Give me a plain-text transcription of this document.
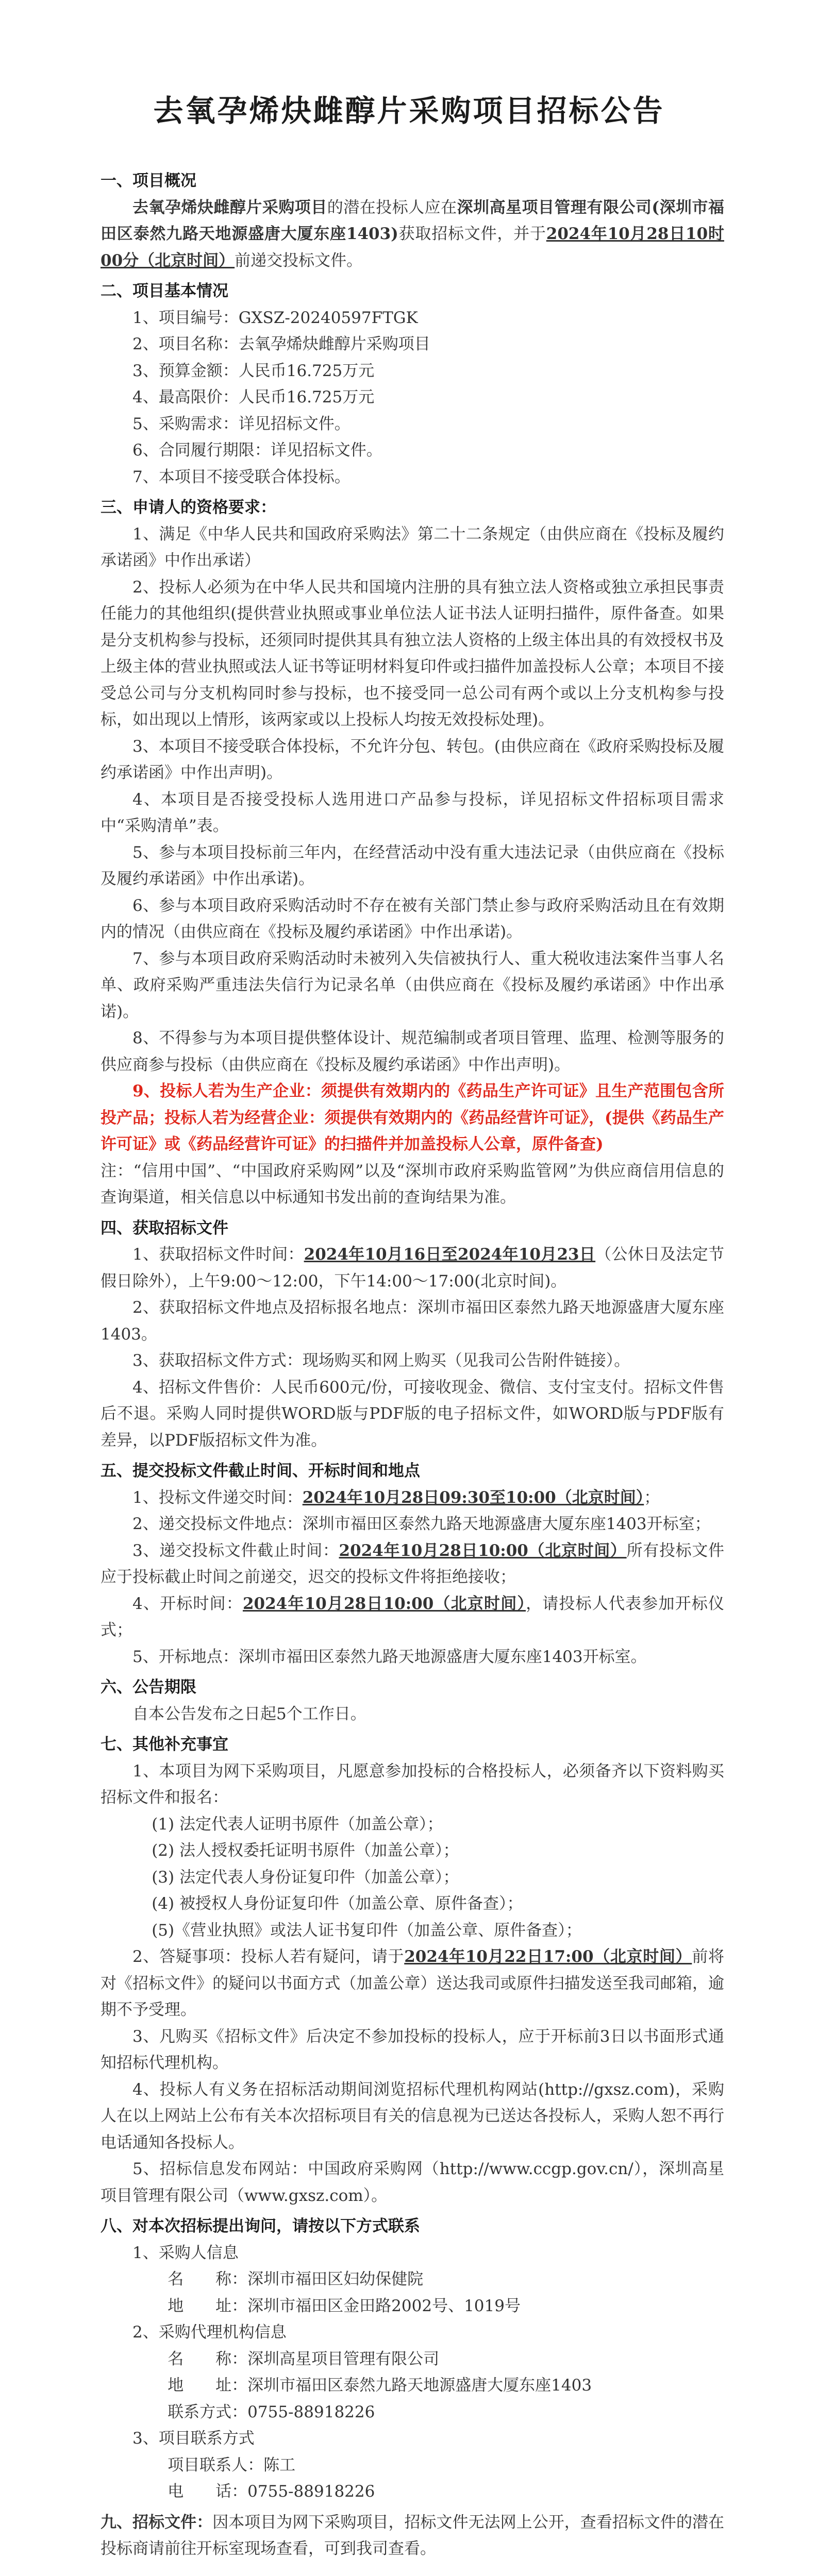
去氧孕烯炔雌醇片采购项目招标公告
一、项目概况
去氧孕烯炔雌醇片采购项目的潜在投标人应在深圳高星项目管理有限公司(深圳市福田区泰然九路天地源盛唐大厦东座1403)获取招标文件，并于2024年10月28日10时00分（北京时间）前递交投标文件。
二、项目基本情况
1、项目编号：GXSZ-20240597FTGK
2、项目名称：去氧孕烯炔雌醇片采购项目
3、预算金额：人民币16.725万元
4、最高限价：人民币16.725万元
5、采购需求：详见招标文件。
6、合同履行期限：详见招标文件。
7、本项目不接受联合体投标。
三、申请人的资格要求：
1、满足《中华人民共和国政府采购法》第二十二条规定（由供应商在《投标及履约承诺函》中作出承诺）
2、投标人必须为在中华人民共和国境内注册的具有独立法人资格或独立承担民事责任能力的其他组织(提供营业执照或事业单位法人证书法人证明扫描件，原件备查。如果是分支机构参与投标，还须同时提供其具有独立法人资格的上级主体出具的有效授权书及上级主体的营业执照或法人证书等证明材料复印件或扫描件加盖投标人公章；本项目不接受总公司与分支机构同时参与投标，也不接受同一总公司有两个或以上分支机构参与投标，如出现以上情形，该两家或以上投标人均按无效投标处理)。
3、本项目不接受联合体投标，不允许分包、转包。(由供应商在《政府采购投标及履约承诺函》中作出声明)。
4、本项目是否接受投标人选用进口产品参与投标，详见招标文件招标项目需求中“采购清单”表。
5、参与本项目投标前三年内，在经营活动中没有重大违法记录（由供应商在《投标及履约承诺函》中作出承诺)。
6、参与本项目政府采购活动时不存在被有关部门禁止参与政府采购活动且在有效期内的情况（由供应商在《投标及履约承诺函》中作出承诺)。
7、参与本项目政府采购活动时未被列入失信被执行人、重大税收违法案件当事人名单、政府采购严重违法失信行为记录名单（由供应商在《投标及履约承诺函》中作出承诺)。
8、不得参与为本项目提供整体设计、规范编制或者项目管理、监理、检测等服务的供应商参与投标（由供应商在《投标及履约承诺函》中作出声明)。
9、投标人若为生产企业：须提供有效期内的《药品生产许可证》且生产范围包含所投产品；投标人若为经营企业：须提供有效期内的《药品经营许可证》，(提供《药品生产许可证》或《药品经营许可证》的扫描件并加盖投标人公章，原件备查)
注：“信用中国”、“中国政府采购网”以及“深圳市政府采购监管网”为供应商信用信息的查询渠道，相关信息以中标通知书发出前的查询结果为准。
四、获取招标文件
1、获取招标文件时间：2024年10月16日至2024年10月23日（公休日及法定节假日除外），上午9:00～12:00，下午14:00～17:00(北京时间)。
2、获取招标文件地点及招标报名地点：深圳市福田区泰然九路天地源盛唐大厦东座1403。
3、获取招标文件方式：现场购买和网上购买（见我司公告附件链接）。
4、招标文件售价：人民币600元/份，可接收现金、微信、支付宝支付。招标文件售后不退。采购人同时提供WORD版与PDF版的电子招标文件，如WORD版与PDF版有差异，以PDF版招标文件为准。
五、提交投标文件截止时间、开标时间和地点
1、投标文件递交时间：2024年10月28日09:30至10:00（北京时间）；
2、递交投标文件地点：深圳市福田区泰然九路天地源盛唐大厦东座1403开标室；
3、递交投标文件截止时间：2024年10月28日10:00（北京时间）所有投标文件应于投标截止时间之前递交，迟交的投标文件将拒绝接收；
4、开标时间：2024年10月28日10:00（北京时间），请投标人代表参加开标仪式；
5、开标地点：深圳市福田区泰然九路天地源盛唐大厦东座1403开标室。
六、公告期限
自本公告发布之日起5个工作日。
七、其他补充事宜
1、本项目为网下采购项目，凡愿意参加投标的合格投标人，必须备齐以下资料购买招标文件和报名：
(1) 法定代表人证明书原件（加盖公章）；
(2) 法人授权委托证明书原件（加盖公章）；
(3) 法定代表人身份证复印件（加盖公章）；
(4) 被授权人身份证复印件（加盖公章、原件备查）；
(5)《营业执照》或法人证书复印件（加盖公章、原件备查）；
2、答疑事项：投标人若有疑问，请于2024年10月22日17:00（北京时间）前将对《招标文件》的疑问以书面方式（加盖公章）送达我司或原件扫描发送至我司邮箱，逾期不予受理。
3、凡购买《招标文件》后决定不参加投标的投标人，应于开标前3日以书面形式通知招标代理机构。
4、投标人有义务在招标活动期间浏览招标代理机构网站(http://gxsz.com)，采购人在以上网站上公布有关本次招标项目有关的信息视为已送达各投标人，采购人恕不再行电话通知各投标人。
5、招标信息发布网站：中国政府采购网（http://www.ccgp.gov.cn/），深圳高星项目管理有限公司（www.gxsz.com）。
八、对本次招标提出询问，请按以下方式联系
1、采购人信息
名　　称：深圳市福田区妇幼保健院
地　　址：深圳市福田区金田路2002号、1019号
2、采购代理机构信息
名　　称：深圳高星项目管理有限公司
地　　址：深圳市福田区泰然九路天地源盛唐大厦东座1403
联系方式：0755-88918226
3、项目联系方式
项目联系人：陈工
电　　话：0755-88918226
九、招标文件：因本项目为网下采购项目，招标文件无法网上公开，查看招标文件的潜在投标商请前往开标室现场查看，可到我司查看。
